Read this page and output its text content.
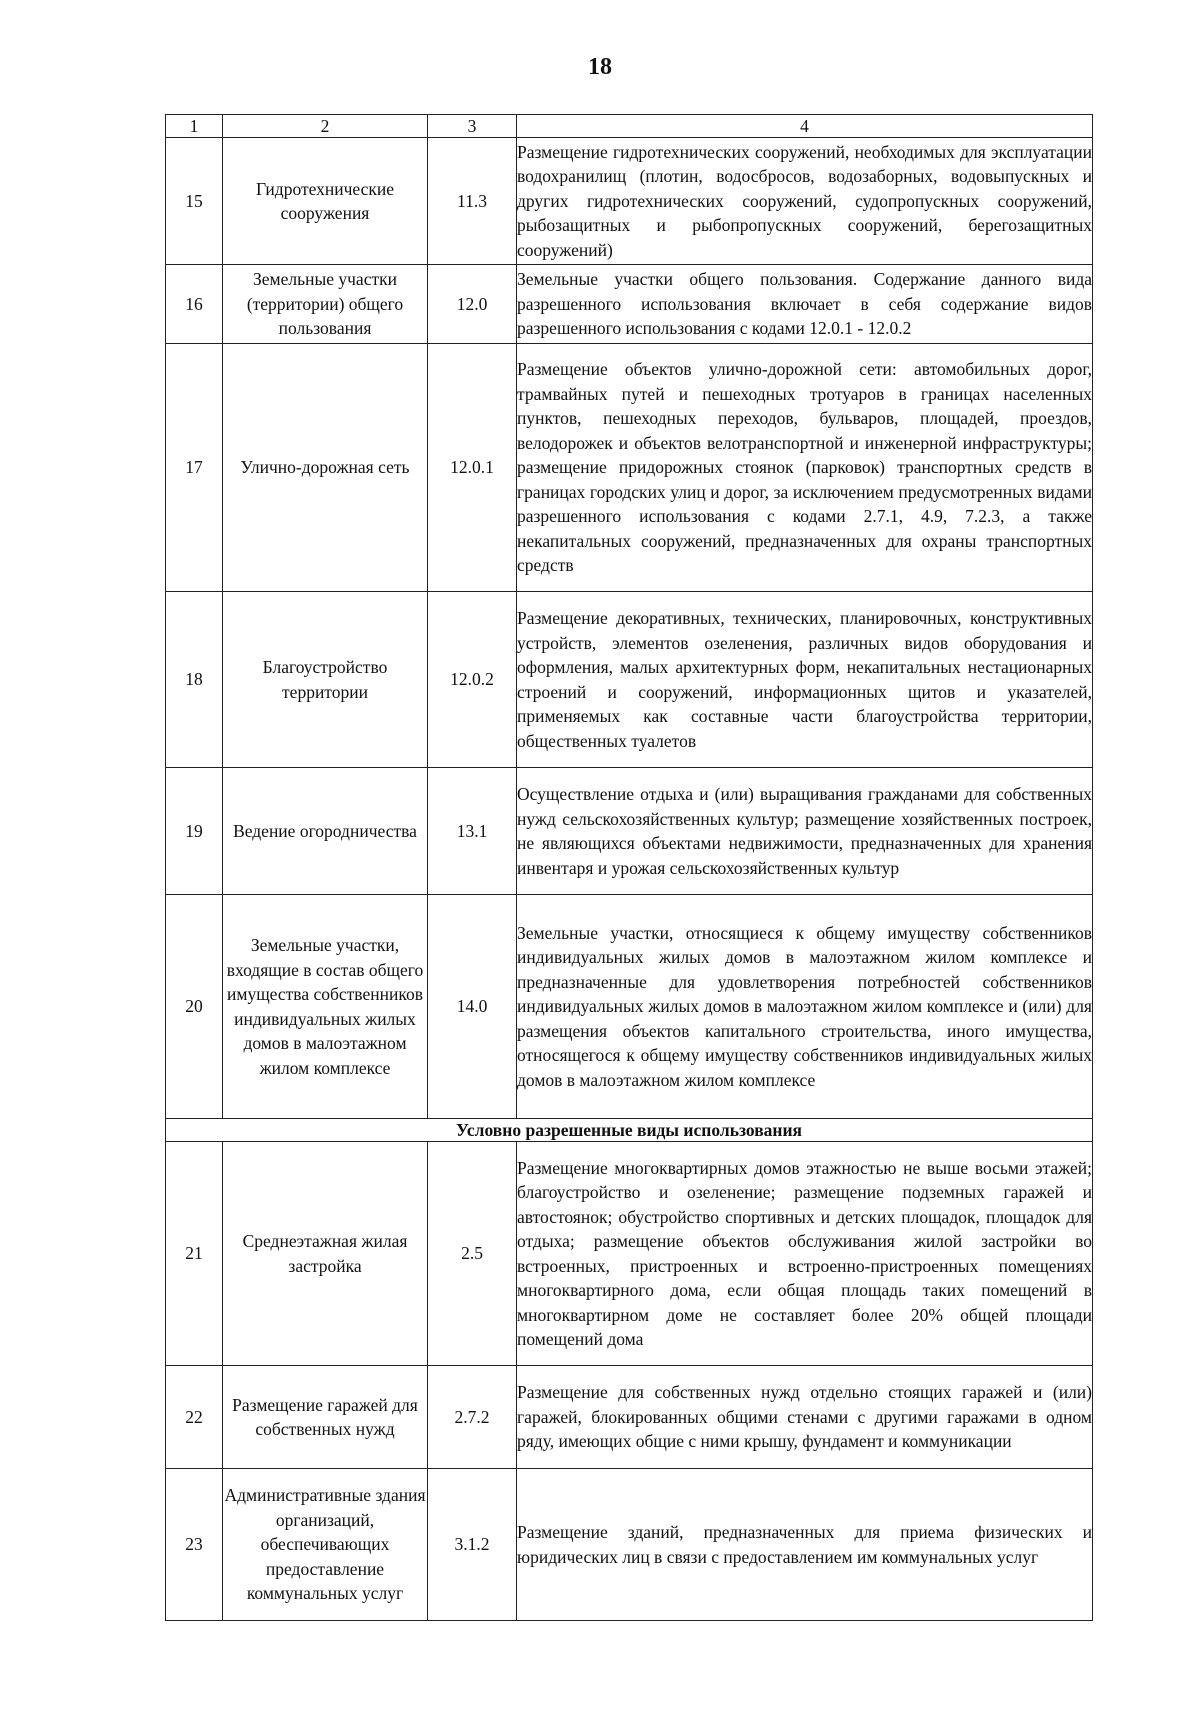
18
1	2	3	4
15	Гидротехнические сооружения	11.3	Размещение гидротехнических сооружений, необходимых для эксплуатации водохранилищ (плотин, водосбросов, водозаборных, водовыпускных и других гидротехнических сооружений, судопропускных сооружений, рыбозащитных и рыбопропускных сооружений, берегозащитных сооружений)
16	Земельные участки (территории) общего пользования	12.0	Земельные участки общего пользования. Содержание данного вида разрешенного использования включает в себя содержание видов разрешенного использования с кодами 12.0.1 - 12.0.2
17	Улично-дорожная сеть	12.0.1	Размещение объектов улично-дорожной сети: автомобильных дорог, трамвайных путей и пешеходных тротуаров в границах населенных пунктов, пешеходных переходов, бульваров, площадей, проездов, велодорожек и объектов велотранспортной и инженерной инфраструктуры; размещение придорожных стоянок (парковок) транспортных средств в границах городских улиц и дорог, за исключением предусмотренных видами разрешенного использования с кодами 2.7.1, 4.9, 7.2.3, а также некапитальных сооружений, предназначенных для охраны транспортных средств
18	Благоустройство территории	12.0.2	Размещение декоративных, технических, планировочных, конструктивных устройств, элементов озеленения, различных видов оборудования и оформления, малых архитектурных форм, некапитальных нестационарных строений и сооружений, информационных щитов и указателей, применяемых как составные части благоустройства территории, общественных туалетов
19	Ведение огородничества	13.1	Осуществление отдыха и (или) выращивания гражданами для собственных нужд сельскохозяйственных культур; размещение хозяйственных построек, не являющихся объектами недвижимости, предназначенных для хранения инвентаря и урожая сельскохозяйственных культур
20	Земельные участки, входящие в состав общего имущества собственников индивидуальных жилых домов в малоэтажном жилом комплексе	14.0	Земельные участки, относящиеся к общему имуществу собственников индивидуальных жилых домов в малоэтажном жилом комплексе и предназначенные для удовлетворения потребностей собственников индивидуальных жилых домов в малоэтажном жилом комплексе и (или) для размещения объектов капитального строительства, иного имущества, относящегося к общему имуществу собственников индивидуальных жилых домов в малоэтажном жилом комплексе
Условно разрешенные виды использования			
21	Среднеэтажная жилая застройка	2.5	Размещение многоквартирных домов этажностью не выше восьми этажей; благоустройство и озеленение; размещение подземных гаражей и автостоянок; обустройство спортивных и детских площадок, площадок для отдыха; размещение объектов обслуживания жилой застройки во встроенных, пристроенных и встроенно-пристроенных помещениях многоквартирного дома, если общая площадь таких помещений в многоквартирном доме не составляет более 20% общей площади помещений дома
22	Размещение гаражей для собственных нужд	2.7.2	Размещение для собственных нужд отдельно стоящих гаражей и (или) гаражей, блокированных общими стенами с другими гаражами в одном ряду, имеющих общие с ними крышу, фундамент и коммуникации
23	Административные здания организаций, обеспечивающих предоставление коммунальных услуг	3.1.2	Размещение зданий, предназначенных для приема физических и юридических лиц в связи с предоставлением им коммунальных услуг
